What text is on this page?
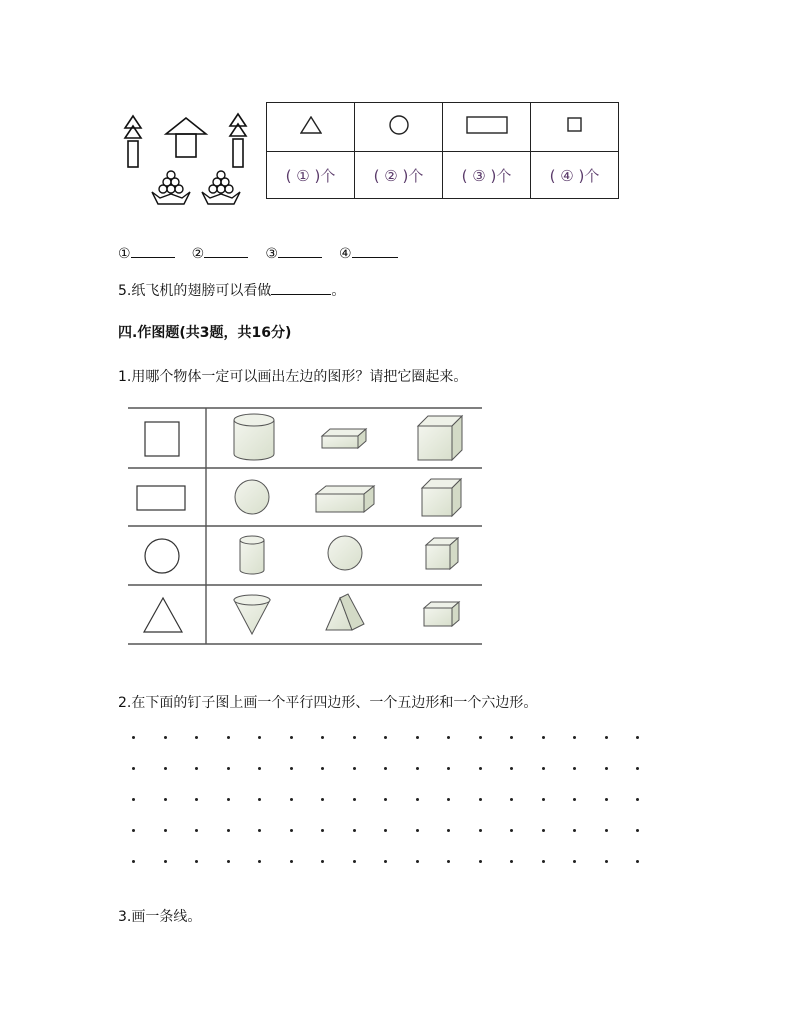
( ① )个	( ② )个	( ③ )个	( ④ )个
①	②	③	④
5.纸飞机的翅膀可以看做	。
四.作图题(共3题，共16分)
1.用哪个物体一定可以画出左边的图形？请把它圈起来。
2.在下面的钉子图上画一个平行四边形、一个五边形和一个六边形。
3.画一条线。
